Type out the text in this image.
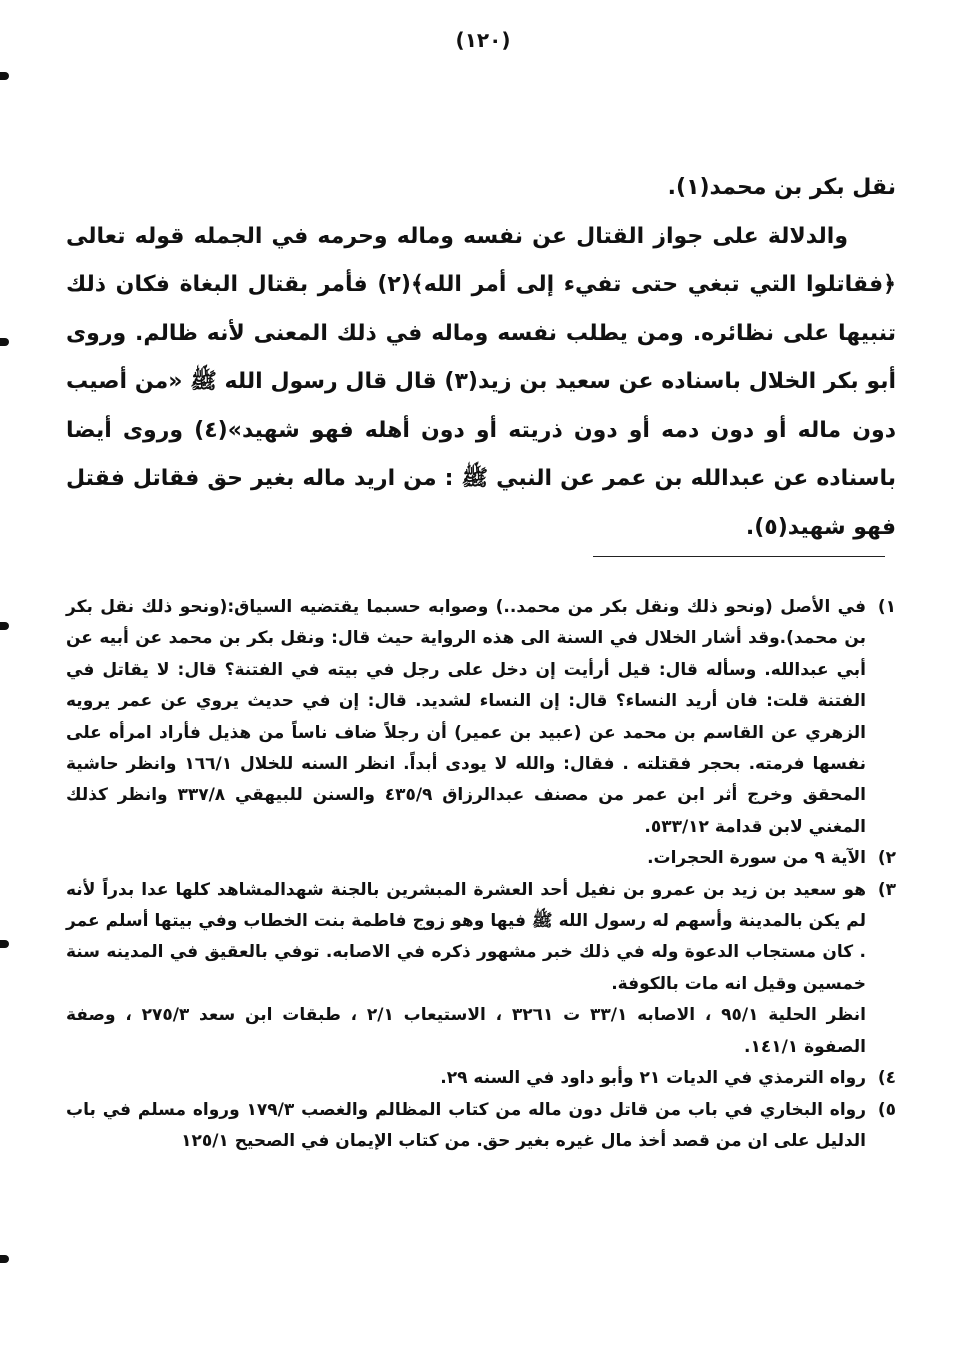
(١٢٠)

نقل بكر بن محمد(١).

والدلالة على جواز القتال عن نفسه وماله وحرمه في الجمله قوله تعالى ﴿فقاتلوا التي تبغي حتى تفيء إلى أمر الله﴾(٢) فأمر بقتال البغاة فكان ذلك تنبيها على نظائره. ومن يطلب نفسه وماله في ذلك المعنى لأنه ظالم. وروى أبو بكر الخلال باسناده عن سعيد بن زيد(٣) قال قال رسول الله ﷺ «من أصيب دون ماله أو دون دمه أو دون ذريته أو دون أهله فهو شهيد»(٤) وروى أيضا باسناده عن عبدالله بن عمر عن النبي ﷺ : من اريد ماله بغير حق فقاتل فقتل فهو شهيد(٥).

١)

في الأصل (ونحو ذلك ونقل بكر من محمد..) وصوابه حسبما يقتضيه السياق:(ونحو ذلك نقل بكر بن محمد).وقد أشار الخلال في السنة الى هذه الرواية حيث قال: ونقل بكر بن محمد عن أبيه عن أبي عبدالله. وسأله قال: قيل أرأيت إن دخل على رجل في بيته في الفتنة؟ قال: لا يقاتل في الفتنة قلت: فان أريد النساء؟ قال: إن النساء لشديد. قال: إن في حديث يروي عن عمر يرويه الزهري عن القاسم بن محمد عن (عبيد بن عمير) أن رجلاً ضاف ناساً من هذيل فأراد امرأه على نفسها فرمته. بحجر فقتلته . فقال: والله لا يودى أبداً. انظر السنه للخلال ١٦٦/١ وانظر حاشية المحقق وخرج أثر ابن عمر من مصنف عبدالرزاق ٤٣٥/٩ والسنن للبيهقي ٣٣٧/٨ وانظر كذلك المغني لابن قدامة ٥٣٣/١٢.

٢)

الآية ٩ من سورة الحجرات.

٣)

هو سعيد بن زيد بن عمرو بن نفيل أحد العشرة المبشرين بالجنة شهدالمشاهد كلها عدا بدراً لأنه لم يكن بالمدينة وأسهم له رسول الله ﷺ فيها وهو زوج فاطمة بنت الخطاب وفي بيتها أسلم عمر . كان مستجاب الدعوة وله في ذلك خبر مشهور ذكره في الاصابه. توفي بالعقيق في المدينه سنة خمسين وقيل انه مات بالكوفة.

انظر الحلية ٩٥/١ ، الاصابه ٣٣/١ ت ٣٢٦١ ، الاستيعاب ٢/١ ، طبقات ابن سعد ٢٧٥/٣ ، وصفة الصفوة ١٤١/١.

٤)

رواه الترمذي في الديات ٢١ وأبو داود في السنه ٢٩.

٥)

رواه البخاري في باب من قاتل دون ماله من كتاب المظالم والغصب ١٧٩/٣ ورواه مسلم في باب الدليل على ان من قصد أخذ مال غيره بغير حق. من كتاب الإيمان في الصحيح ١٢٥/١
